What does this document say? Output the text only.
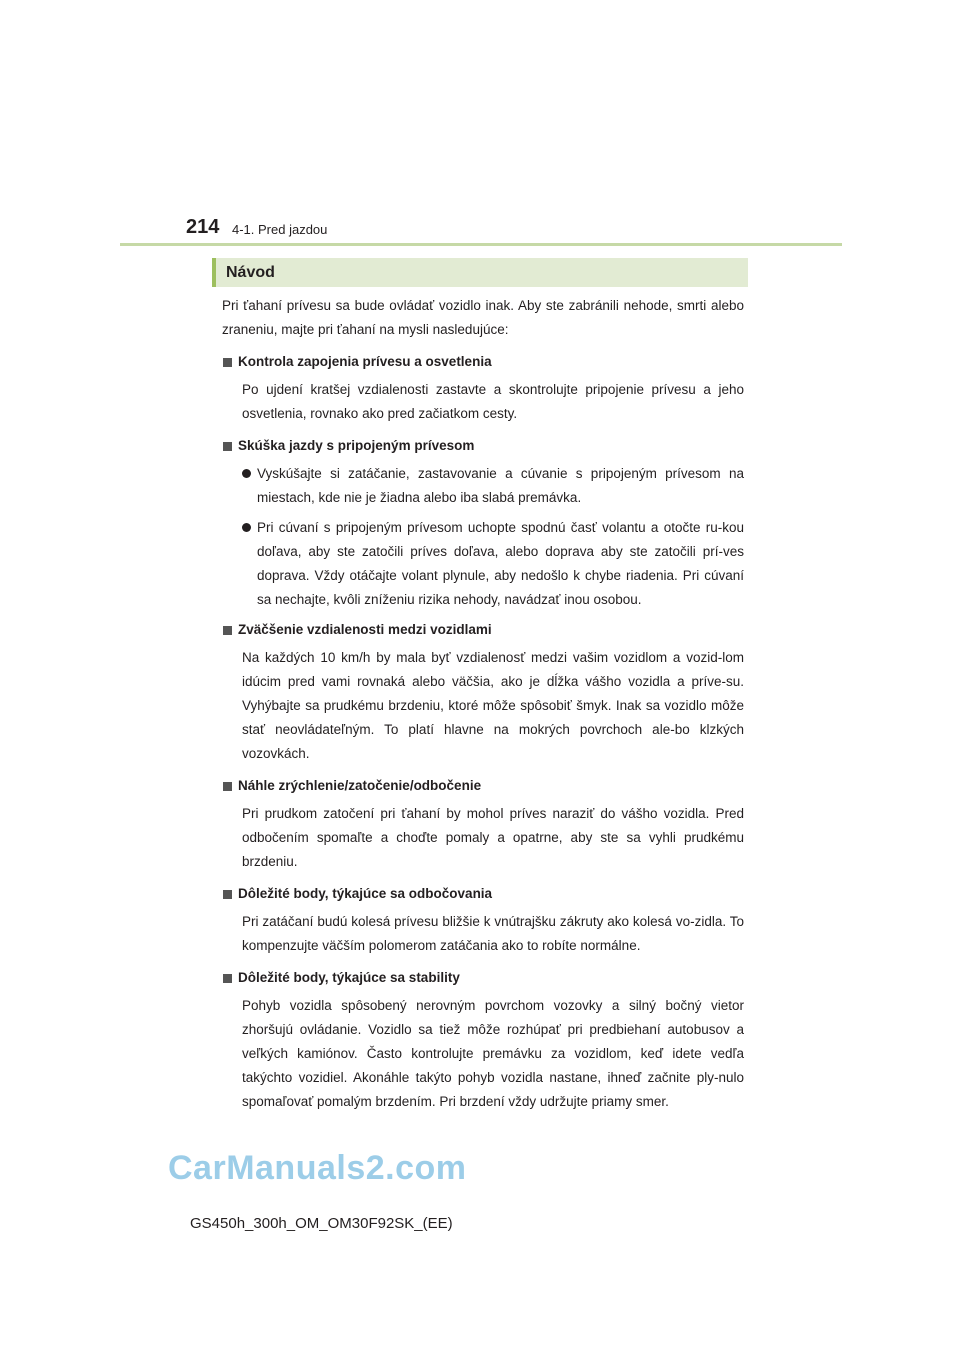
214 4-1. Pred jazdou
Návod

Pri ťahaní prívesu sa bude ovládať vozidlo inak. Aby ste zabránili nehode, smrti alebo zraneniu, majte pri ťahaní na mysli nasledujúce:

Kontrola zapojenia prívesu a osvetlenia

Po ujdení kratšej vzdialenosti zastavte a skontrolujte pripojenie prívesu a jeho osvetlenia, rovnako ako pred začiatkom cesty.

Skúška jazdy s pripojeným prívesom

Vyskúšajte si zatáčanie, zastavovanie a cúvanie s pripojeným prívesom na miestach, kde nie je žiadna alebo iba slabá premávka.

Pri cúvaní s pripojeným prívesom uchopte spodnú časť volantu a otočte ru-kou doľava, aby ste zatočili príves doľava, alebo doprava aby ste zatočili prí-ves doprava. Vždy otáčajte volant plynule, aby nedošlo k chybe riadenia. Pri cúvaní sa nechajte, kvôli zníženiu rizika nehody, navádzať inou osobou.

Zväčšenie vzdialenosti medzi vozidlami

Na každých 10 km/h by mala byť vzdialenosť medzi vašim vozidlom a vozid-lom idúcim pred vami rovnaká alebo väčšia, ako je dĺžka vášho vozidla a príve-su. Vyhýbajte sa prudkému brzdeniu, ktoré môže spôsobiť šmyk. Inak sa vozidlo môže stať neovládateľným. To platí hlavne na mokrých povrchoch ale-bo klzkých vozovkách.

Náhle zrýchlenie/zatočenie/odbočenie

Pri prudkom zatočení pri ťahaní by mohol príves naraziť do vášho vozidla. Pred odbočením spomaľte a choďte pomaly a opatrne, aby ste sa vyhli prudkému brzdeniu.

Dôležité body, týkajúce sa odbočovania

Pri zatáčaní budú kolesá prívesu bližšie k vnútrajšku zákruty ako kolesá vo-zidla. To kompenzujte väčším polomerom zatáčania ako to robíte normálne.

Dôležité body, týkajúce sa stability

Pohyb vozidla spôsobený nerovným povrchom vozovky a silný bočný vietor zhoršujú ovládanie. Vozidlo sa tiež môže rozhúpať pri predbiehaní autobusov a veľkých kamiónov. Často kontrolujte premávku za vozidlom, keď idete vedľa takýchto vozidiel. Akonáhle takýto pohyb vozidla nastane, ihneď začnite ply-nulo spomaľovať pomalým brzdením. Pri brzdení vždy udržujte priamy smer.

CarManuals2.com
GS450h_300h_OM_OM30F92SK_(EE)
